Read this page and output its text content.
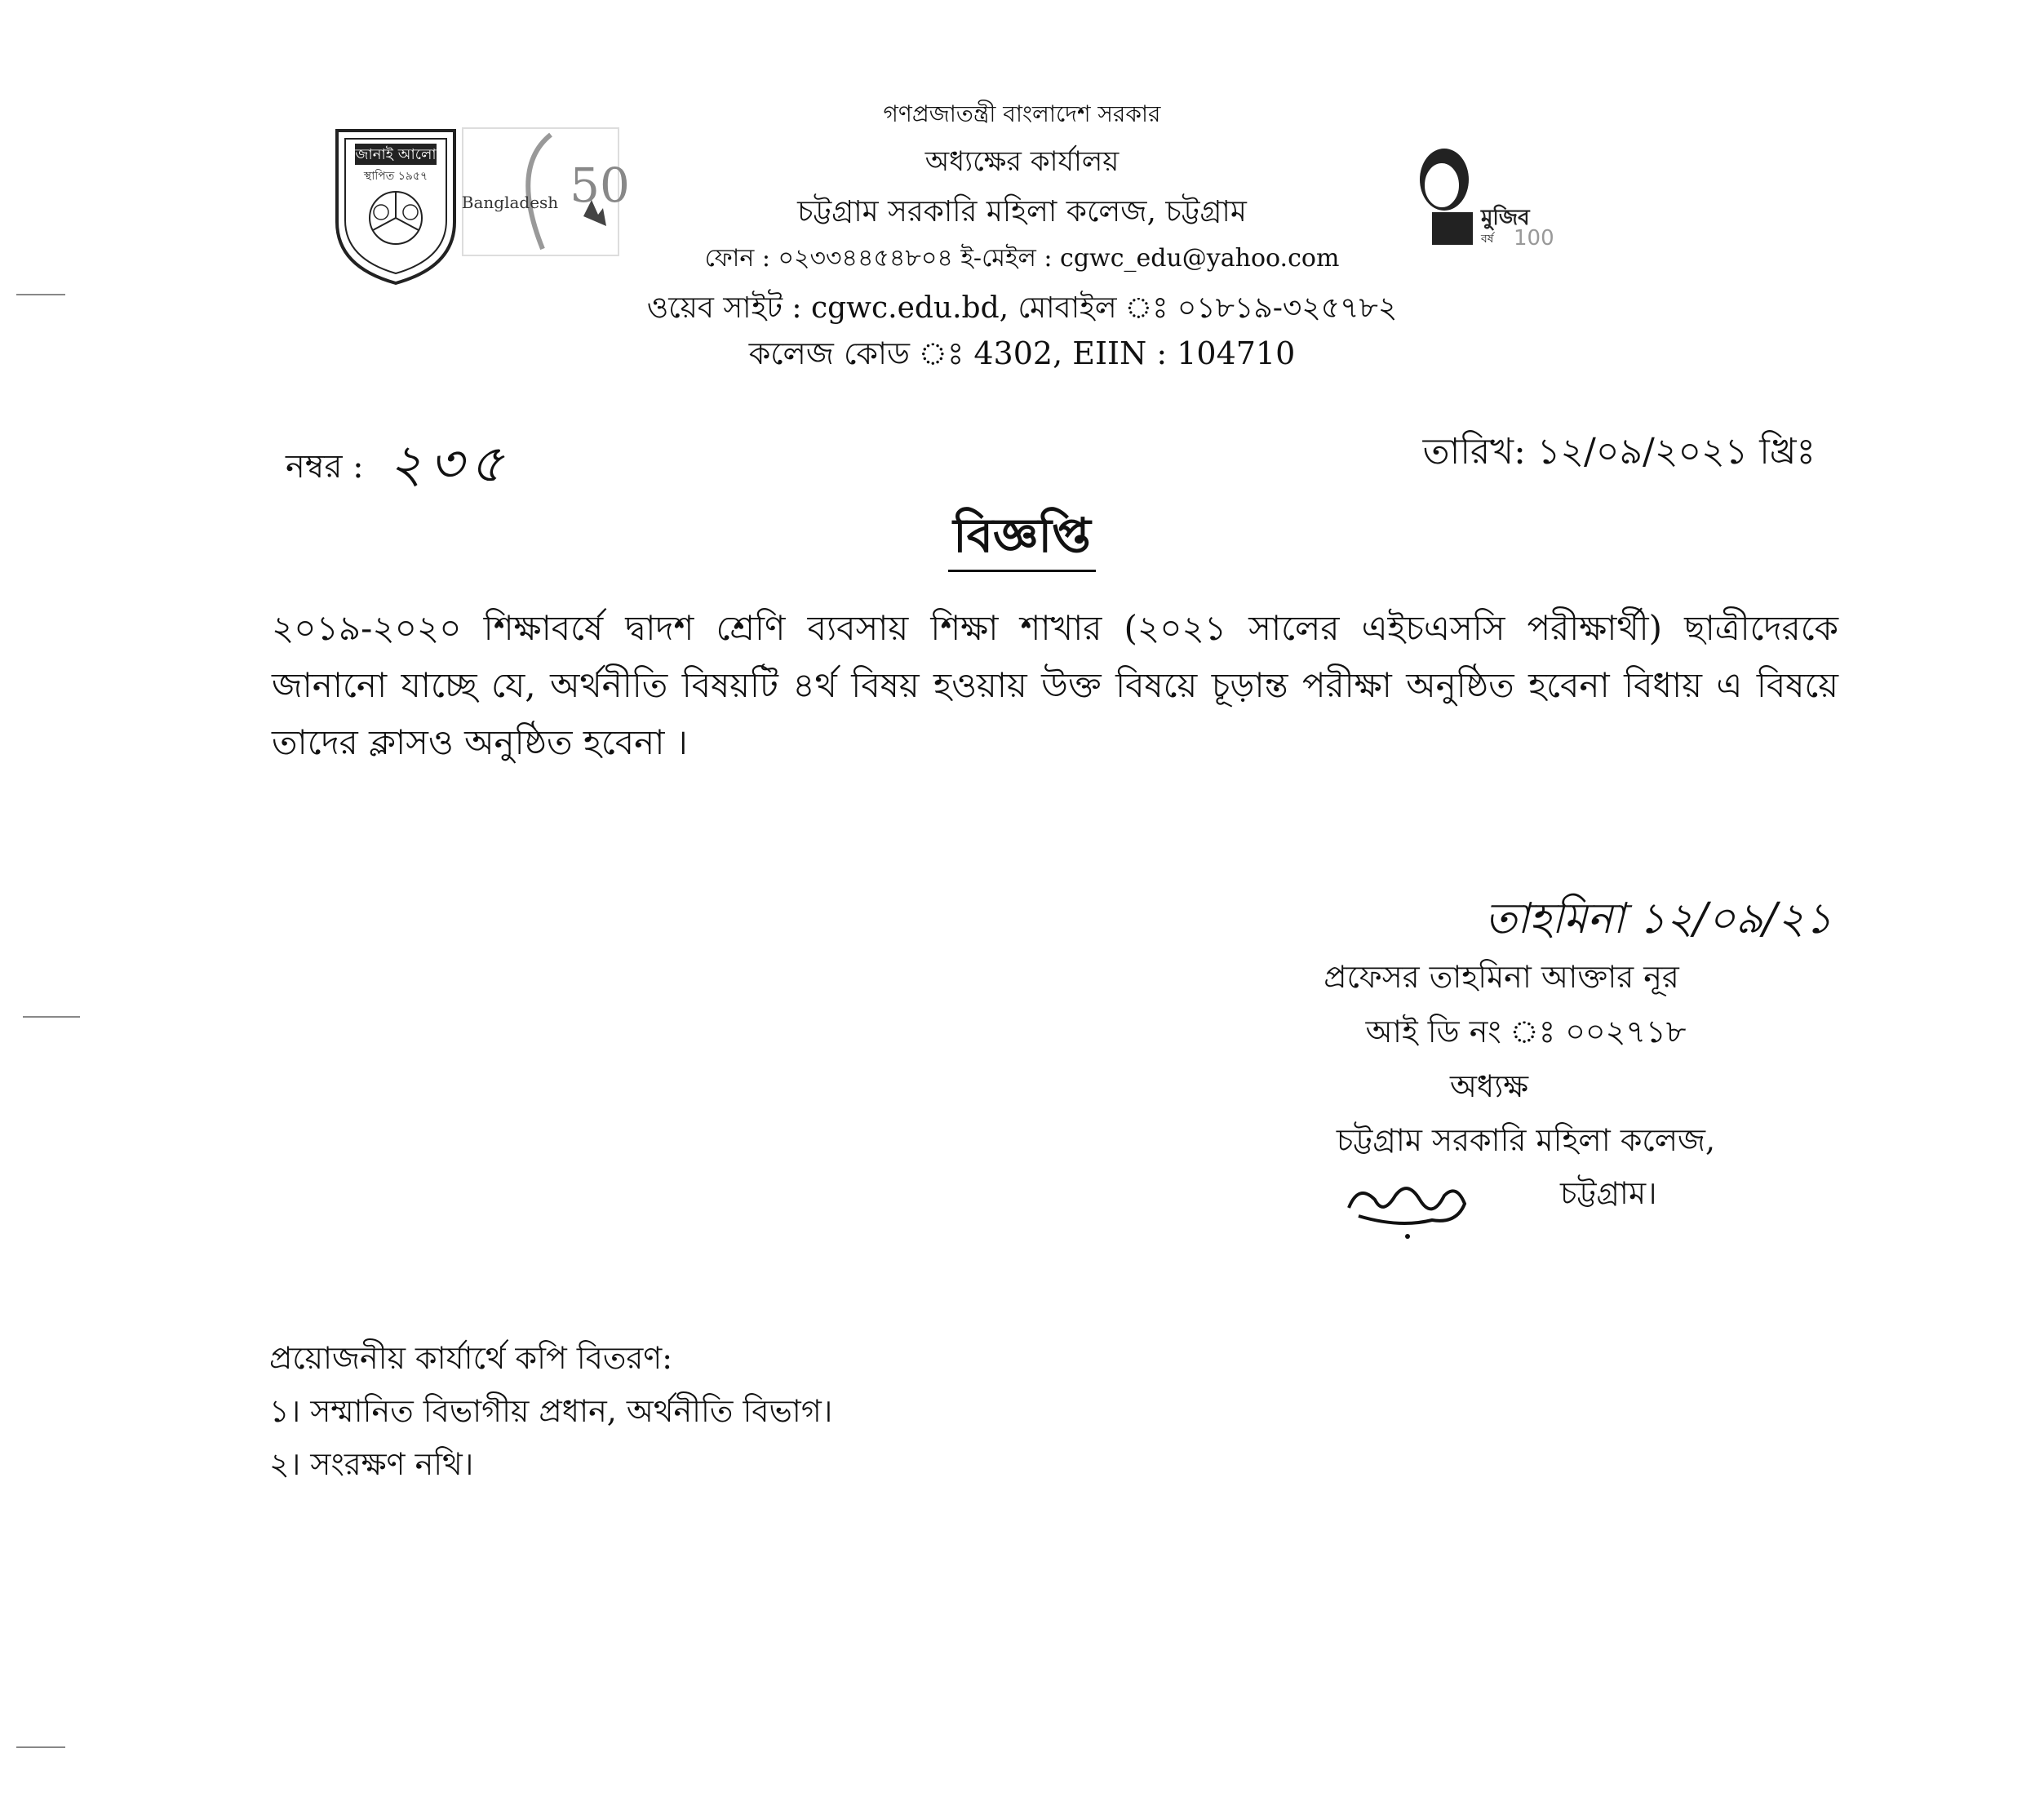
জানাই আলো
স্থাপিত ১৯৫৭	50
Bangladesh
মুজিব
বর্ষ 100
গণপ্রজাতন্ত্রী বাংলাদেশ সরকার
অধ্যক্ষের কার্যালয়
চট্টগ্রাম সরকারি মহিলা কলেজ, চট্টগ্রাম
ফোন : ০২৩৩৪৪৫৪৮০৪ ই-মেইল : cgwc_edu@yahoo.com
ওয়েব সাইট : cgwc.edu.bd, মোবাইল ঃ ০১৮১৯-৩২৫৭৮২
কলেজ কোড ঃ 4302, EIIN : 104710
নম্বর : ২৩৫	তারিখ: ১২/০৯/২০২১ খ্রিঃ
বিজ্ঞপ্তি
২০১৯-২০২০ শিক্ষাবর্ষে দ্বাদশ শ্রেণি ব্যবসায় শিক্ষা শাখার (২০২১ সালের এইচএসসি পরীক্ষার্থী) ছাত্রীদেরকে জানানো যাচ্ছে যে, অর্থনীতি বিষয়টি ৪র্থ বিষয় হওয়ায় উক্ত বিষয়ে চূড়ান্ত পরীক্ষা অনুষ্ঠিত হবেনা বিধায় এ বিষয়ে তাদের ক্লাসও অনুষ্ঠিত হবেনা ।
তাহমিনা ১২/০৯/২১
প্রফেসর তাহমিনা আক্তার নূর
আই ডি নং ঃ ০০২৭১৮
অধ্যক্ষ
চট্টগ্রাম সরকারি মহিলা কলেজ,
চট্টগ্রাম।
প্রয়োজনীয় কার্যার্থে কপি বিতরণ:
১। সম্মানিত বিভাগীয় প্রধান, অর্থনীতি বিভাগ।
২। সংরক্ষণ নথি।
